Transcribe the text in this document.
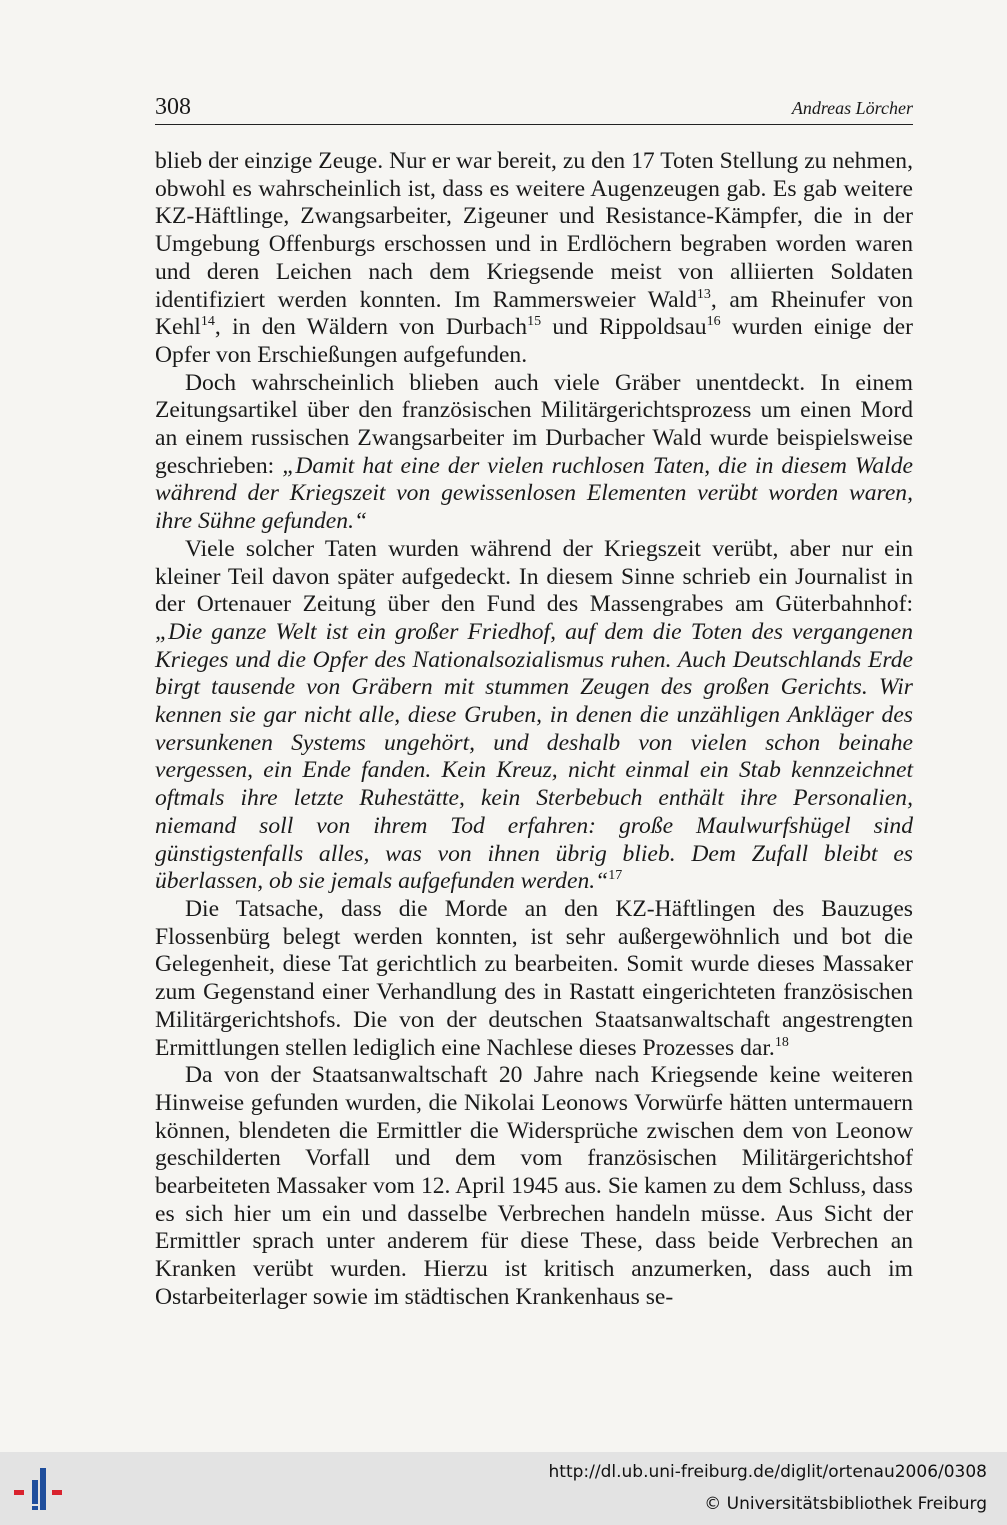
308	Andreas Lörcher

blieb der einzige Zeuge. Nur er war bereit, zu den 17 Toten Stellung zu nehmen, obwohl es wahrscheinlich ist, dass es weitere Augenzeugen gab. Es gab weitere KZ-Häftlinge, Zwangsarbeiter, Zigeuner und Resistance-Kämpfer, die in der Umgebung Offenburgs erschossen und in Erdlöchern begraben worden waren und deren Leichen nach dem Kriegsende meist von alliierten Soldaten identifiziert werden konnten. Im Rammersweier Wald$^{13}$, am Rheinufer von Kehl$^{14}$, in den Wäldern von Durbach$^{15}$ und Rippoldsau$^{16}$ wurden einige der Opfer von Erschießungen aufgefunden.

Doch wahrscheinlich blieben auch viele Gräber unentdeckt. In einem Zeitungsartikel über den französischen Militärgerichtsprozess um einen Mord an einem russischen Zwangsarbeiter im Durbacher Wald wurde beispielsweise geschrieben: „Damit hat eine der vielen ruchlosen Taten, die in diesem Walde während der Kriegszeit von gewissenlosen Elementen verübt worden waren, ihre Sühne gefunden.“

Viele solcher Taten wurden während der Kriegszeit verübt, aber nur ein kleiner Teil davon später aufgedeckt. In diesem Sinne schrieb ein Journalist in der Ortenauer Zeitung über den Fund des Massengrabes am Güterbahnhof: „Die ganze Welt ist ein großer Friedhof, auf dem die Toten des vergangenen Krieges und die Opfer des Nationalsozialismus ruhen. Auch Deutschlands Erde birgt tausende von Gräbern mit stummen Zeugen des großen Gerichts. Wir kennen sie gar nicht alle, diese Gruben, in denen die unzähligen Ankläger des versunkenen Systems ungehört, und deshalb von vielen schon beinahe vergessen, ein Ende fanden. Kein Kreuz, nicht einmal ein Stab kennzeichnet oftmals ihre letzte Ruhestätte, kein Sterbebuch enthält ihre Personalien, niemand soll von ihrem Tod erfahren: große Maulwurfshügel sind günstigstenfalls alles, was von ihnen übrig blieb. Dem Zufall bleibt es überlassen, ob sie jemals aufgefunden werden.“$^{17}$

Die Tatsache, dass die Morde an den KZ-Häftlingen des Bauzuges Flossenbürg belegt werden konnten, ist sehr außergewöhnlich und bot die Gelegenheit, diese Tat gerichtlich zu bearbeiten. Somit wurde dieses Massaker zum Gegenstand einer Verhandlung des in Rastatt eingerichteten französischen Militärgerichtshofs. Die von der deutschen Staatsanwaltschaft angestrengten Ermittlungen stellen lediglich eine Nachlese dieses Prozesses dar.$^{18}$

Da von der Staatsanwaltschaft 20 Jahre nach Kriegsende keine weiteren Hinweise gefunden wurden, die Nikolai Leonows Vorwürfe hätten untermauern können, blendeten die Ermittler die Widersprüche zwischen dem von Leonow geschilderten Vorfall und dem vom französischen Militärgerichtshof bearbeiteten Massaker vom 12. April 1945 aus. Sie kamen zu dem Schluss, dass es sich hier um ein und dasselbe Verbrechen handeln müsse. Aus Sicht der Ermittler sprach unter anderem für diese These, dass beide Verbrechen an Kranken verübt wurden. Hierzu ist kritisch anzumerken, dass auch im Ostarbeiterlager sowie im städtischen Krankenhaus se-

http://dl.ub.uni-freiburg.de/diglit/ortenau2006/0308
© Universitätsbibliothek Freiburg
